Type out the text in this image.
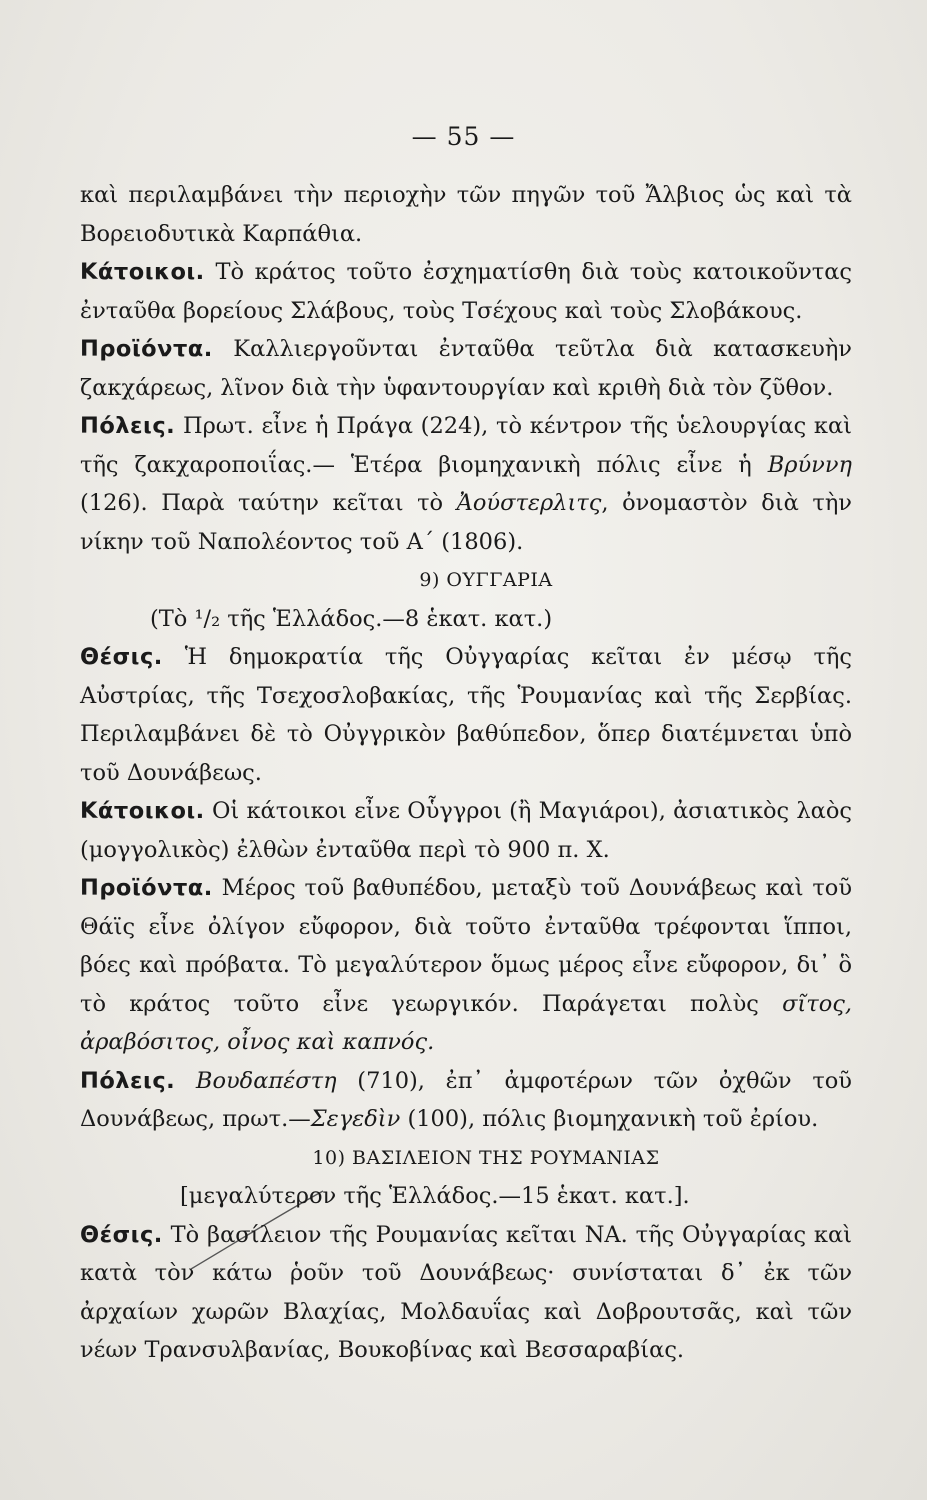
— 55 —

καὶ περιλαμβάνει τὴν περιοχὴν τῶν πηγῶν τοῦ Ἄλβιος ὡς καὶ τὰ Βορειοδυτικὰ Καρπάθια.

Κάτοικοι. Τὸ κράτος τοῦτο ἐσχηματίσθη διὰ τοὺς κατοικοῦντας ἐνταῦθα βορείους Σλάβους, τοὺς Τσέχους καὶ τοὺς Σλοβάκους.

Προϊόντα. Καλλιεργοῦνται ἐνταῦθα τεῦτλα διὰ κατασκευὴν ζακχάρεως, λῖνον διὰ τὴν ὑφαντουργίαν καὶ κριθὴ διὰ τὸν ζῦθον.

Πόλεις. Πρωτ. εἶνε ἡ Πράγα (224), τὸ κέντρον τῆς ὑελουργίας καὶ τῆς ζακχαροποιΐας.— Ἑτέρα βιομηχανικὴ πόλις εἶνε ἡ Βρύννη (126). Παρὰ ταύτην κεῖται τὸ Ἀούστερλιτς, ὀνομαστὸν διὰ τὴν νίκην τοῦ Ναπολέοντος τοῦ Α΄ (1806).

9) ΟΥΓΓΑΡΙΑ

(Τὸ ¹/₂ τῆς Ἑλλάδος.—8 ἑκατ. κατ.)

Θέσις. Ἡ δημοκρατία τῆς Οὐγγαρίας κεῖται ἐν μέσῳ τῆς Αὐστρίας, τῆς Τσεχοσλοβακίας, τῆς Ῥουμανίας καὶ τῆς Σερβίας. Περιλαμβάνει δὲ τὸ Οὐγγρικὸν βαθύπεδον, ὅπερ διατέμνεται ὑπὸ τοῦ Δουνάβεως.

Κάτοικοι. Οἱ κάτοικοι εἶνε Οὗγγροι (ἢ Μαγιάροι), ἀσιατικὸς λαὸς (μογγολικὸς) ἐλθὼν ἐνταῦθα περὶ τὸ 900 π. Χ.

Προϊόντα. Μέρος τοῦ βαθυπέδου, μεταξὺ τοῦ Δουνάβεως καὶ τοῦ Θάϊς εἶνε ὀλίγον εὔφορον, διὰ τοῦτο ἐνταῦθα τρέφονται ἵπποι, βόες καὶ πρόβατα. Τὸ μεγαλύτερον ὅμως μέρος εἶνε εὔφορον, δι᾽ ὃ τὸ κράτος τοῦτο εἶνε γεωργικόν. Παράγεται πολὺς σῖτος, ἀραβόσιτος, οἶνος καὶ καπνός.

Πόλεις. Βουδαπέστη (710), ἐπ᾽ ἀμφοτέρων τῶν ὀχθῶν τοῦ Δουνάβεως, πρωτ.—Σεγεδὶν (100), πόλις βιομηχανικὴ τοῦ ἐρίου.

10) ΒΑΣΙΛΕΙΟΝ ΤΗΣ ΡΟΥΜΑΝΙΑΣ

[μεγαλύτερον τῆς Ἑλλάδος.—15 ἑκατ. κατ.].

Θέσις. Τὸ βασίλειον τῆς Ρουμανίας κεῖται ΝΑ. τῆς Οὐγγαρίας καὶ κατὰ τὸν κάτω ῥοῦν τοῦ Δουνάβεως· συνίσταται δ᾽ ἐκ τῶν ἀρχαίων χωρῶν Βλαχίας, Μολδαυΐας καὶ Δοβρουτσᾶς, καὶ τῶν νέων Τρανσυλβανίας, Βουκοβίνας καὶ Βεσσαραβίας.
